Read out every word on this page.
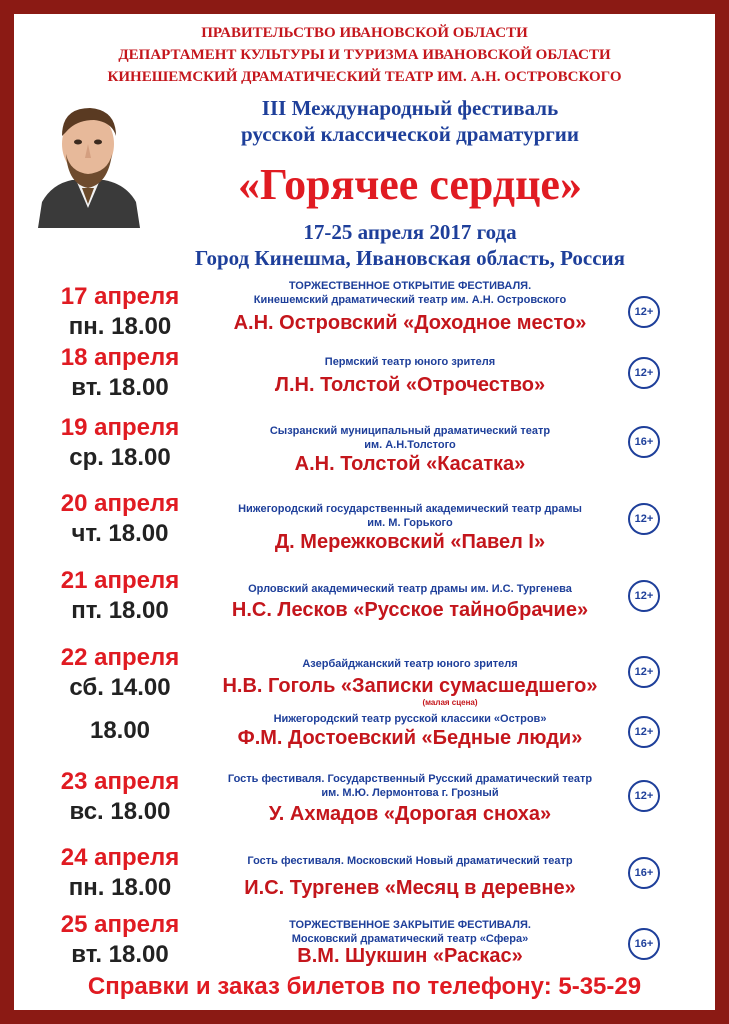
ПРАВИТЕЛЬСТВО ИВАНОВСКОЙ ОБЛАСТИ
ДЕПАРТАМЕНТ КУЛЬТУРЫ И ТУРИЗМА ИВАНОВСКОЙ ОБЛАСТИ
КИНЕШЕМСКИЙ ДРАМАТИЧЕСКИЙ ТЕАТР ИМ. А.Н. ОСТРОВСКОГО
III Международный фестиваль
русской классической драматургии
«Горячее сердце»
17-25 апреля 2017 года
Город Кинешма, Ивановская область, Россия
17 апреля
пн. 18.00
ТОРЖЕСТВЕННОЕ ОТКРЫТИЕ ФЕСТИВАЛЯ.
Кинешемский драматический театр им. А.Н. Островского
А.Н. Островский «Доходное место»	12+
18 апреля
вт. 18.00
Пермский театр юного зрителя
Л.Н. Толстой «Отрочество»
12+
19 апреля
ср. 18.00
Сызранский муниципальный драматический театр
им. А.Н.Толстого
А.Н. Толстой «Касатка»
16+
20 апреля
чт. 18.00
Нижегородский государственный академический театр драмы
им. М. Горького
Д. Мережковский «Павел I»
12+
21 апреля
пт. 18.00
Орловский академический театр драмы им. И.С. Тургенева
Н.С. Лесков «Русское тайнобрачие»
12+
22 апреля
сб. 14.00
Азербайджанский театр юного зрителя
Н.В. Гоголь «Записки сумасшедшего»
(малая сцена)
12+
18.00	Нижегородский театр русской классики «Остров»
Ф.М. Достоевский «Бедные люди»	12+
23 апреля
вс. 18.00
Гость фестиваля. Государственный Русский драматический театр
им. М.Ю. Лермонтова г. Грозный
У. Ахмадов «Дорогая сноха»
12+
24 апреля
пн. 18.00
Гость фестиваля. Московский Новый драматический театр
И.С. Тургенев «Месяц в деревне»
16+
25 апреля
вт. 18.00
ТОРЖЕСТВЕННОЕ ЗАКРЫТИЕ ФЕСТИВАЛЯ.
Московский драматический театр «Сфера»
В.М. Шукшин «Раскас»
16+
Справки и заказ билетов по телефону: 5-35-29
